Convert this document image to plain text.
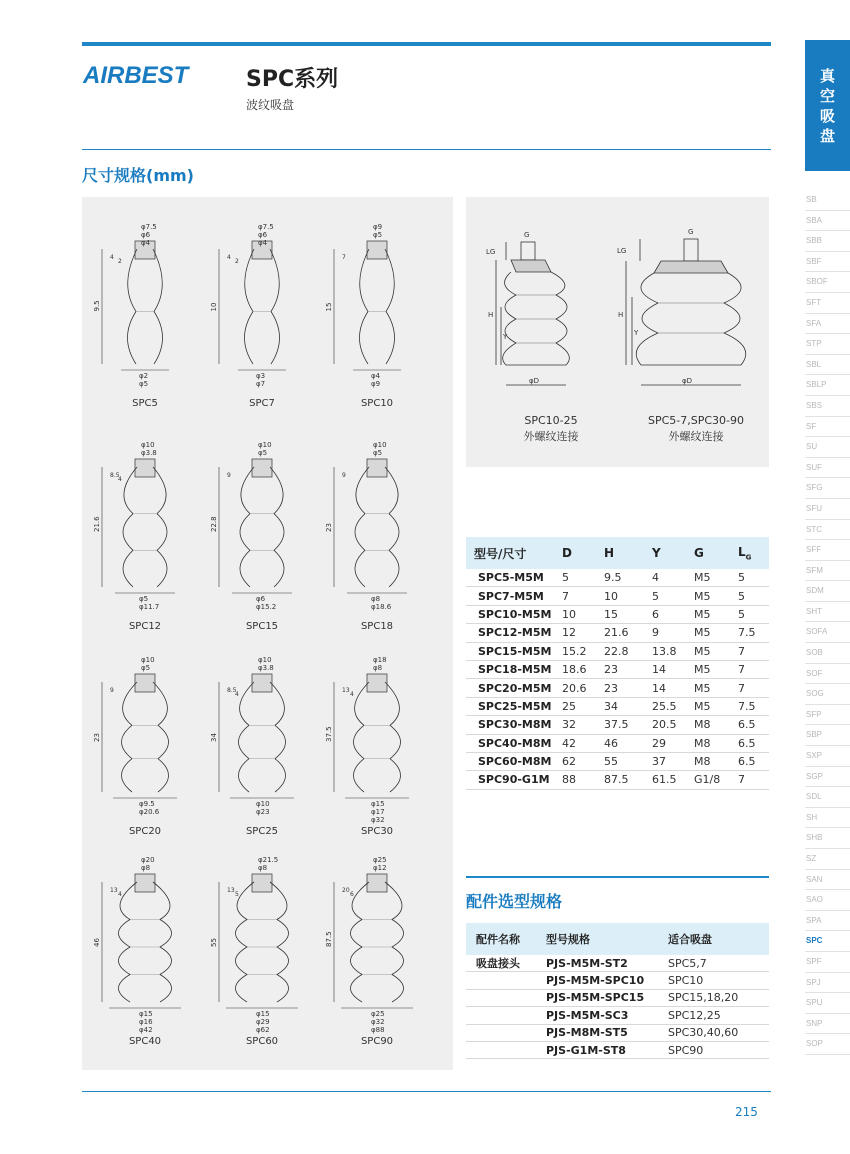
AIRBEST	SPC系列
波纹吸盘
尺寸规格(mm)
真
空
吸
盘
SB
SBA
SBB
SBF
SBOF
SFT
SFA
STP
SBL
SBLP
SBS
SF
SU
SUF
SFG
SFU
STC
SFF
SFM
SDM
SHT
SOFA
SOB
SOF
SOG
SFP
SBP
SXP
SGP
SDL
SH
SHB
SZ
SAN
SAO
SPA
SPC
SPF
SPJ
SPU
SNP
SOP
φ7.5
φ6
φ4
φ2
φ5
9.5
4
2
SPC5
φ7.5
φ6
φ4
φ3
φ7
10
4
2
SPC7
φ9
φ5
φ4
φ9
15
7
SPC10
φ10
φ3.8
φ5
φ11.7
21.6
8.5
4
SPC12
φ10
φ5
φ6
φ15.2
22.8
9
SPC15
φ10
φ5
φ8
φ18.6
23
9
SPC18
φ10
φ5
φ9.5
φ20.6
23
9
SPC20
φ10
φ3.8
φ10
φ23
34
8.5
4
SPC25
φ18
φ8
φ15
φ17
φ32
37.5
13
4
SPC30
φ20
φ8
φ15
φ16
φ42
46
13
4
SPC40
φ21.5
φ8
φ15
φ29
φ62
55
13
5
SPC60
φ25
φ12
φ25
φ32
φ88
87.5
20
6
SPC90
G
LG
H
Y
φD
G
LG
H
Y
φD
SPC10-25
外螺纹连接
SPC5-7,SPC30-90
外螺纹连接
型号/尺寸	D	H	Y	G	$L_G$
SPC5-M5M	5	9.5	4	M5	5
SPC7-M5M	7	10	5	M5	5
SPC10-M5M	10	15	6	M5	5
SPC12-M5M	12	21.6	9	M5	7.5
SPC15-M5M	15.2	22.8	13.8	M5	7
SPC18-M5M	18.6	23	14	M5	7
SPC20-M5M	20.6	23	14	M5	7
SPC25-M5M	25	34	25.5	M5	7.5
SPC30-M8M	32	37.5	20.5	M8	6.5
SPC40-M8M	42	46	29	M8	6.5
SPC60-M8M	62	55	37	M8	6.5
SPC90-G1M	88	87.5	61.5	G1/8	7
配件选型规格
配件名称	型号规格	适合吸盘
吸盘接头	PJS-M5M-ST2	SPC5,7
	PJS-M5M-SPC10	SPC10
	PJS-M5M-SPC15	SPC15,18,20
	PJS-M5M-SC3	SPC12,25
	PJS-M8M-ST5	SPC30,40,60
	PJS-G1M-ST8	SPC90
215
